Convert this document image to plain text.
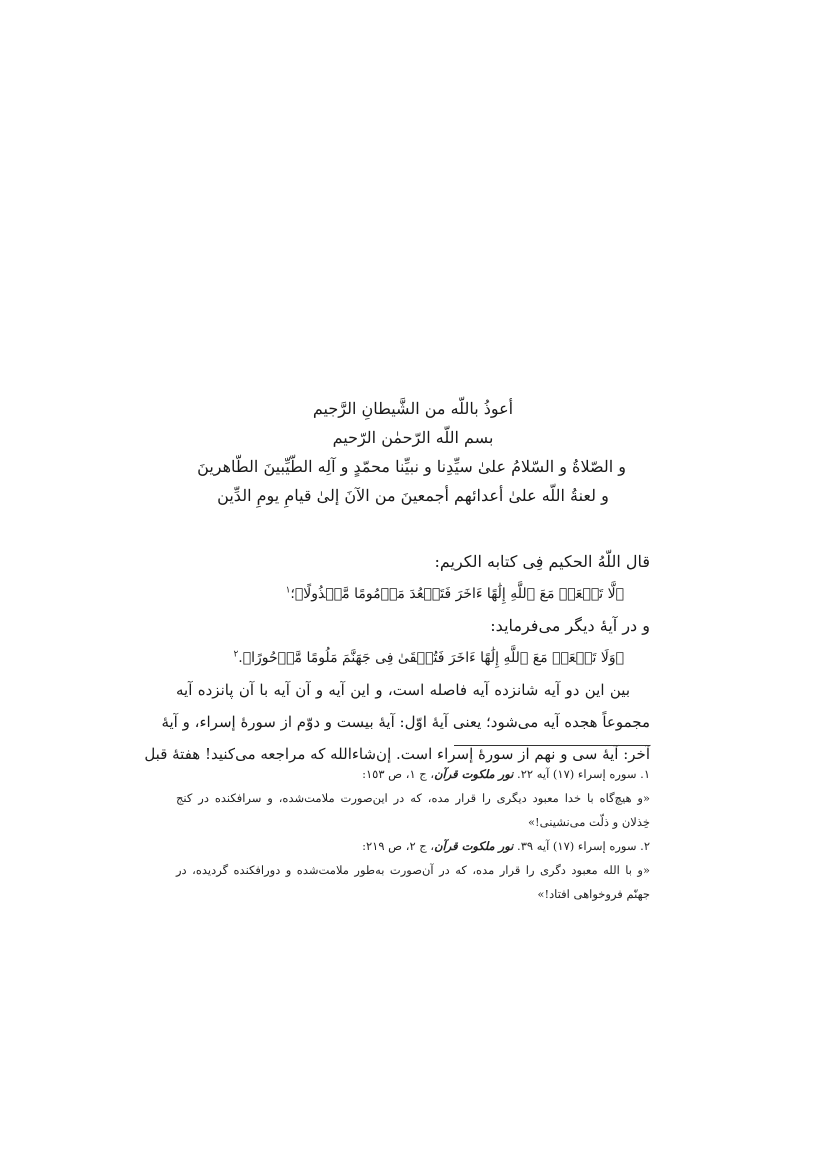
أعوذُ باللّه من الشَّيطانِ الرَّجيم
بسم اللّه الرّحمٰن الرّحيم
و الصّلاةُ و السّلامُ علىٰ سيِّدِنا و نبيِّنا محمّدٍ و آلِه الطّيِّبينَ الطّاهرينَ
و لعنةُ اللّه علىٰ أعدائهم أجمعينَ من الآنَ إلىٰ قيامِ يومِ الدِّين
قال اللّهُ الحكيم فِى كتابه الكريم:
﴿لَّا تَجۡعَلۡ مَعَ ٱللَّهِ إِلَٰهًا ءَاخَرَ فَتَقۡعُدَ مَذۡمُومًا مَّخۡذُولًا﴾؛$^١$
و در آيهٔ ديگر مى‌فرمايد:
﴿وَلَا تَجۡعَلۡ مَعَ ٱللَّهِ إِلَٰهًا ءَاخَرَ فَتُلۡقَىٰ فِى جَهَنَّمَ مَلُومًا مَّدۡحُورًا﴾.$^٢$
بين اين دو آيه شانزده آيه فاصله است، و اين آيه و آن آيه با آن پانزده آيه
مجموعاً هجده آيه مى‌شود؛ يعنى آيهٔ اوّل: آيهٔ بيست و دوّم از سورهٔ إسراء، و آيهٔ
آخر: آيهٔ سى و نهم از سورهٔ إسراء است. إن‌شاءالله كه مراجعه مى‌كنيد! هفتهٔ قبل
١. سوره إسراء (١٧) آيه ٢٢. نور ملكوت قرآن، ج ١، ص ١٥٣:
«و هيچ‌گاه با خدا معبود ديگرى را قرار مده، كه در اين‌صورت ملامت‌شده، و سرافكنده در كنج
خِذلان و ذلّت مى‌نشينى!»
٢. سوره إسراء (١٧) آيه ٣٩. نور ملكوت قرآن، ج ٢، ص ٢١٩:
«و با الله معبود دگرى را قرار مده، كه در آن‌صورت به‌طور ملامت‌شده و دورافكنده گرديده، در
جهنّم فروخواهى افتاد!»
